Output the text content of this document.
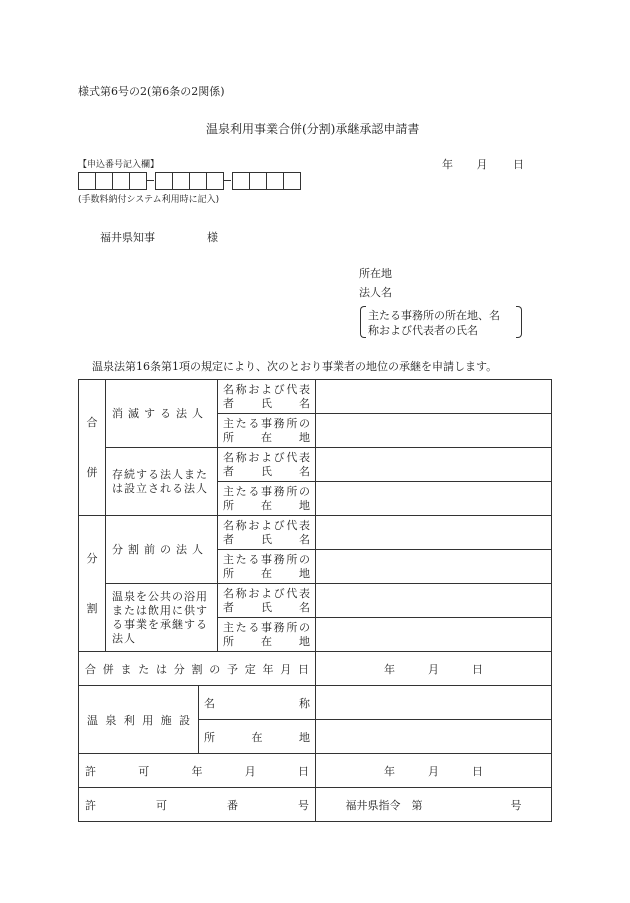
様式第6号の2(第6条の2関係)
温泉利用事業合併(分割)承継承認申請書
【申込番号記入欄】	年 月 日
(手数料納付システム利用時に記入)
福井県知事	様
所在地
法人名
主たる事務所の所在地、名
称および代表者の氏名
温泉法第16条第1項の規定により、次のとおり事業者の地位の承継を申請します。
合
併	消滅する法人	名称および代表者氏名	
		主たる事務所の所在地	
	存続する法人または設立される法人	名称および代表者氏名	
		主たる事務所の所在地	

分
割	分割前の法人	名称および代表者氏名	
		主たる事務所の所在地	

	温泉を公共の浴用または飲用に供する事業を承継する法人	名称および代表者氏名	
		主たる事務所の所在地	
合併または分割の予定年月日	年　　　月　　　日
温泉利用施設	名称	
	所在地	
許可年月日	年　　　月　　　日
許可番号	福井県指令　第　　　　　　　　号
